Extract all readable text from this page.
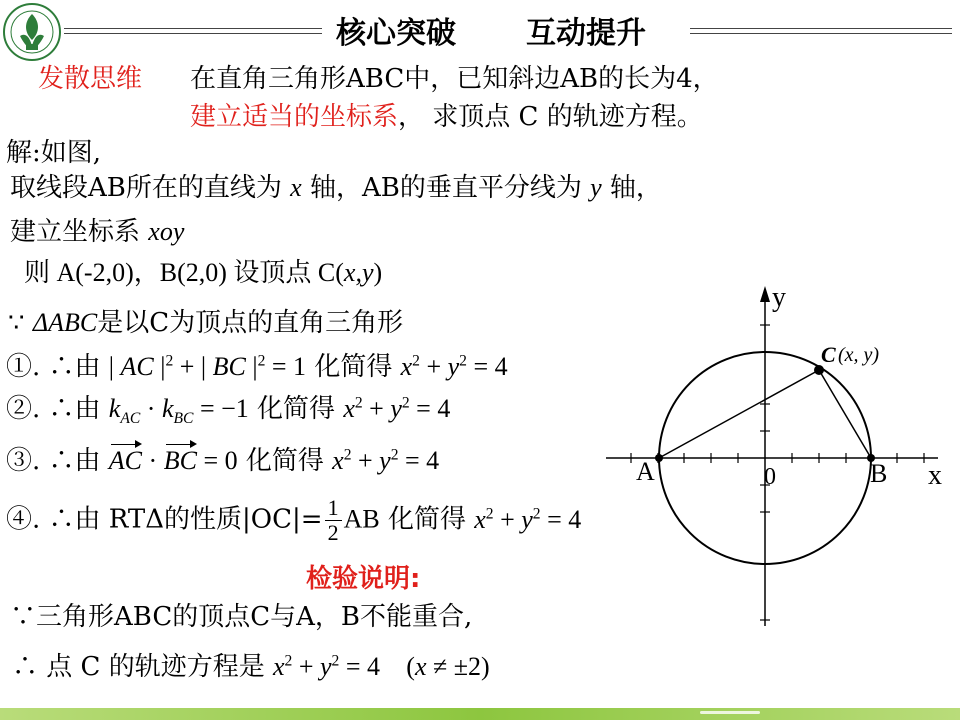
核心突破 互动提升
发散思维 在直角三角形ABC中，已知斜边AB的长为4，
建立适当的坐标系， 求顶点 C 的轨迹方程。
解:如图,
取线段AB所在的直线为 x 轴，AB的垂直平分线为 y 轴，
建立坐标系 xoy
则 A(-2,0)，B(2,0) 设顶点 C(x,y)
∵ ΔABC是以C为顶点的直角三角形
①. ∴由 | AC $|^2$ + | BC $|^2 = 1$ 化简得 $x^2 + y^2 = 4$
②. ∴由 $k_{AC} \cdot k_{BC} = -1$ 化简得 $x^2 + y^2 = 4$
③. ∴由 AC · BC = 0 化简得 $x^2 + y^2 = 4$
④. ∴由 RTΔ的性质$|OC|= \frac{1}{2}$ AB 化简得 $x^2 + y^2 = 4$
检验说明:
∵三角形ABC的顶点C与A，B不能重合,
∴ 点 C 的轨迹方程是 $x^2 + y^2 = 4$ (x ≠ ±2)
y
x
A	B
0
C (x, y)
